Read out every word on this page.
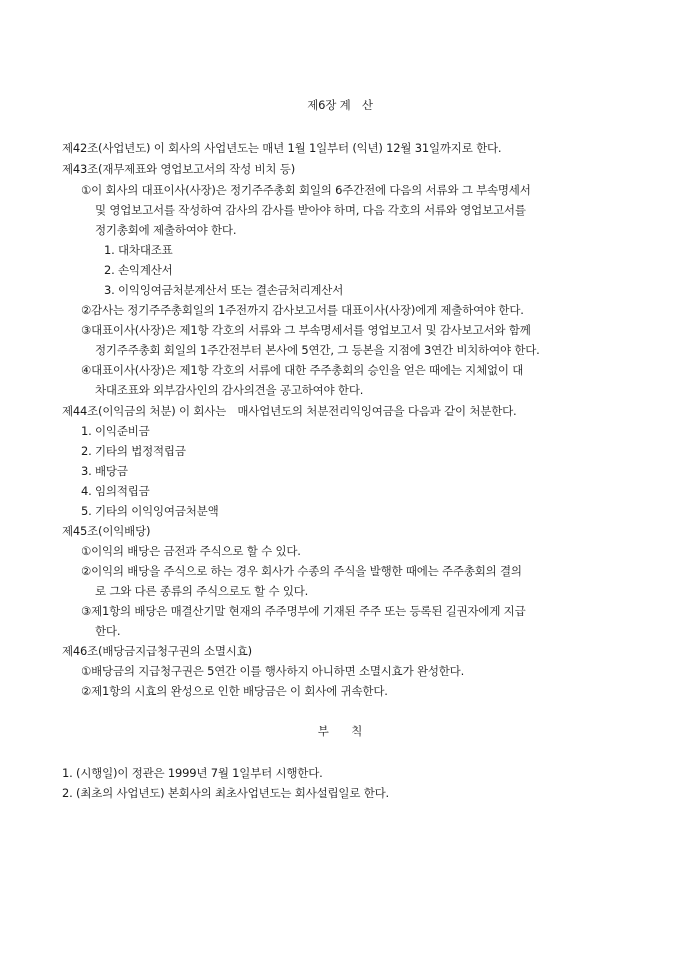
제6장 계　산
제42조(사업년도) 이 회사의 사업년도는 매년 1월 1일부터 (익년) 12월 31일까지로 한다.
제43조(재무제표와 영업보고서의 작성 비치 등)
①이 회사의 대표이사(사장)은 정기주주총회 회일의 6주간전에 다음의 서류와 그 부속명세서
및 영업보고서를 작성하여 감사의 감사를 받아야 하며, 다음 각호의 서류와 영업보고서를
정기총회에 제출하여야 한다.
1. 대차대조표
2. 손익계산서
3. 이익잉여금처분계산서 또는 결손금처리계산서
②감사는 정기주주총회일의 1주전까지 감사보고서를 대표이사(사장)에게 제출하여야 한다.
③대표이사(사장)은 제1항 각호의 서류와 그 부속명세서를 영업보고서 및 감사보고서와 함께
정기주주총회 회일의 1주간전부터 본사에 5연간, 그 등본을 지점에 3연간 비치하여야 한다.
④대표이사(사장)은 제1항 각호의 서류에 대한 주주총회의 승인을 얻은 때에는 지체없이 대
차대조표와 외부감사인의 감사의견을 공고하여야 한다.
제44조(이익금의 처분) 이 회사는　매사업년도의 처분전리익잉여금을 다음과 같이 처분한다.
1. 이익준비금
2. 기타의 법정적립금
3. 배당금
4. 임의적립금
5. 기타의 이익잉여금처분액
제45조(이익배당)
①이익의 배당은 금전과 주식으로 할 수 있다.
②이익의 배당을 주식으로 하는 경우 회사가 수종의 주식을 발행한 때에는 주주총회의 결의
로 그와 다른 종류의 주식으로도 할 수 있다.
③제1항의 배당은 매결산기말 현재의 주주명부에 기재된 주주 또는 등록된 길권자에게 지급
한다.
제46조(배당금지급청구권의 소멸시효)
①배당금의 지급청구권은 5연간 이를 행사하지 아니하면 소멸시효가 완성한다.
②제1항의 시효의 완성으로 인한 배당금은 이 회사에 귀속한다.
부　　칙
1. (시행일)이 정관은 1999년 7월 1일부터 시행한다.
2. (최초의 사업년도) 본회사의 최초사업년도는 회사설립일로 한다.
